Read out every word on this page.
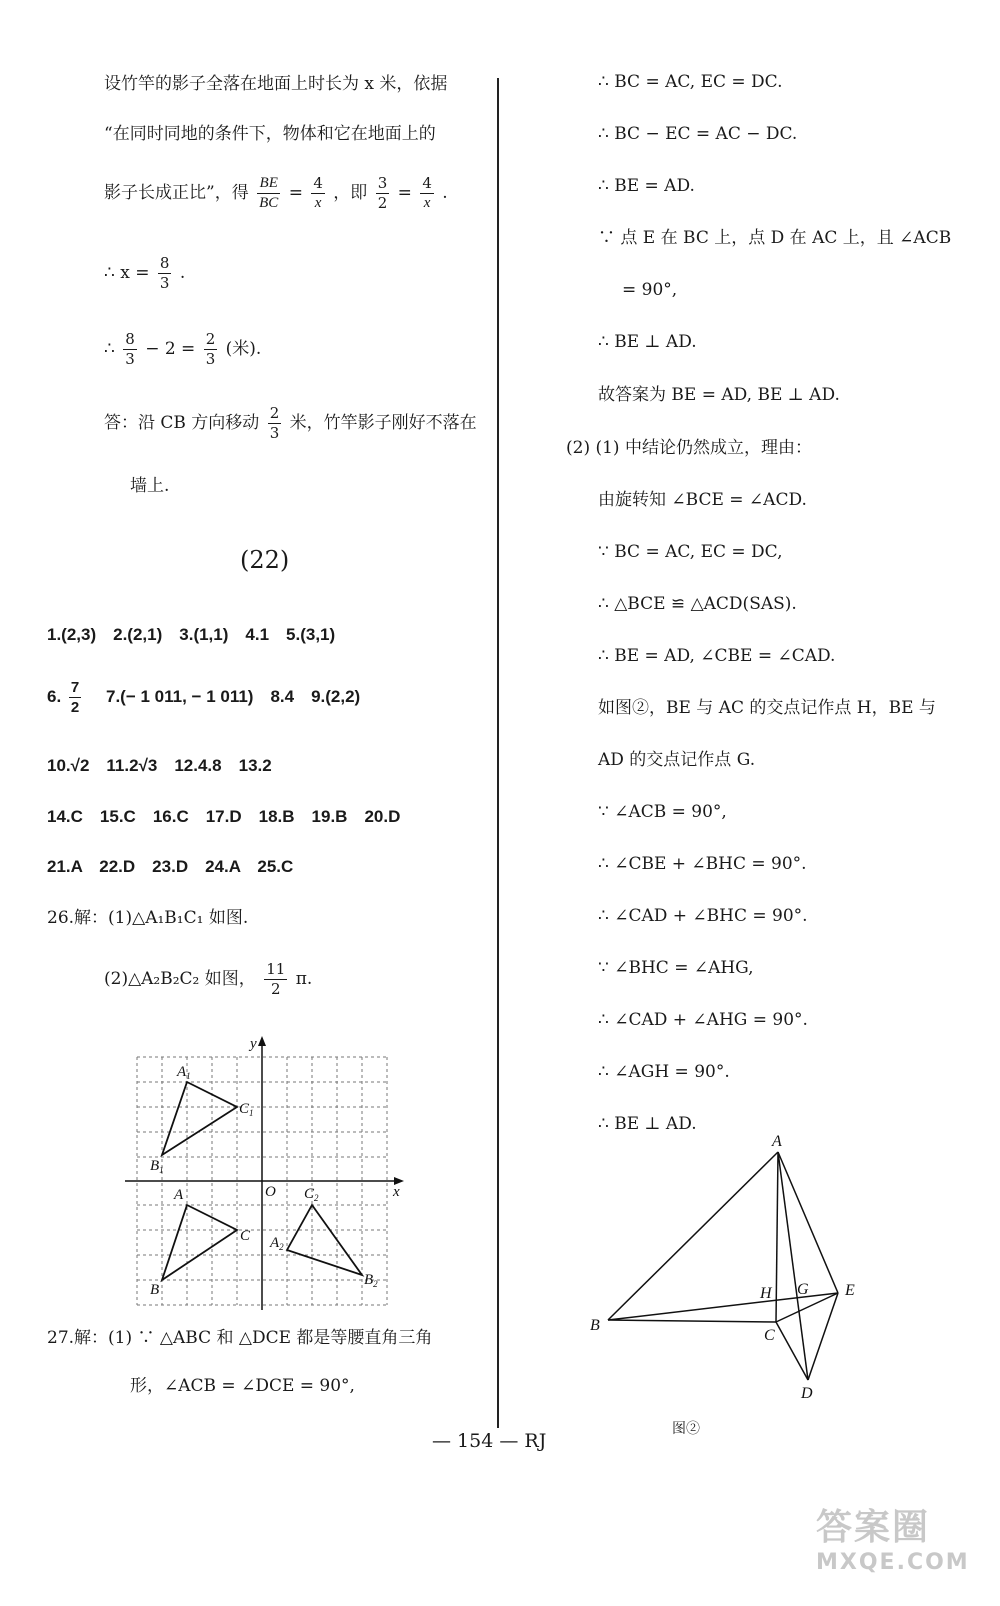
设竹竿的影子全落在地面上时长为 x 米，依据
“在同时同地的条件下，物体和它在地面上的
影子长成正比”，得 $\frac{BE}{BC} = \frac{4}{x}$ ，即 $\frac{3}{2} = \frac{4}{x}$ .
∴ $x = \frac{8}{3}$ .
∴ $\frac{8}{3} - 2 = \frac{2}{3}$ (米).
答：沿 CB 方向移动 $\frac{2}{3}$ 米，竹竿影子刚好不落在
墙上.
(22)
1.(2,3)　2.(2,1)　3.(1,1)　4.1　5.(3,1)
6. $\frac{7}{2}$ 　7.(− 1 011, − 1 011)　8.4　9.(2,2)
10.√2　11.2√3　12.4.8　13.2
14.C　15.C　16.C　17.D　18.B　19.B　20.D
21.A　22.D　23.D　24.A　25.C
26.解：(1)△A₁B₁C₁ 如图.
(2)△A₂B₂C₂ 如图， $\frac{11}{2} \pi$.
y
x
O
$A_1$
$C_1$
$B_1$
A
C
B
$C_2$
$A_2$
$B_2$
27.解：(1) ∵ △ABC 和 △DCE 都是等腰直角三角
形，∠ACB = ∠DCE = 90°,
∴ BC = AC, EC = DC.
∴ BC − EC = AC − DC.
∴ BE = AD.
∵ 点 E 在 BC 上，点 D 在 AC 上，且 ∠ACB
= 90°,
∴ BE ⊥ AD.
故答案为 BE = AD, BE ⊥ AD.
(2) (1) 中结论仍然成立，理由：
由旋转知 ∠BCE = ∠ACD.
∵ BC = AC, EC = DC,
∴ △BCE ≌ △ACD(SAS).
∴ BE = AD, ∠CBE = ∠CAD.
如图②，BE 与 AC 的交点记作点 H，BE 与
AD 的交点记作点 G.
∵ ∠ACB = 90°,
∴ ∠CBE + ∠BHC = 90°.
∴ ∠CAD + ∠BHC = 90°.
∵ ∠BHC = ∠AHG,
∴ ∠CAD + ∠AHG = 90°.
∴ ∠AGH = 90°.
∴ BE ⊥ AD.
A
B
C
D
E
G
H
图②
— 154 — RJ
答案圈
MXQE.COM
